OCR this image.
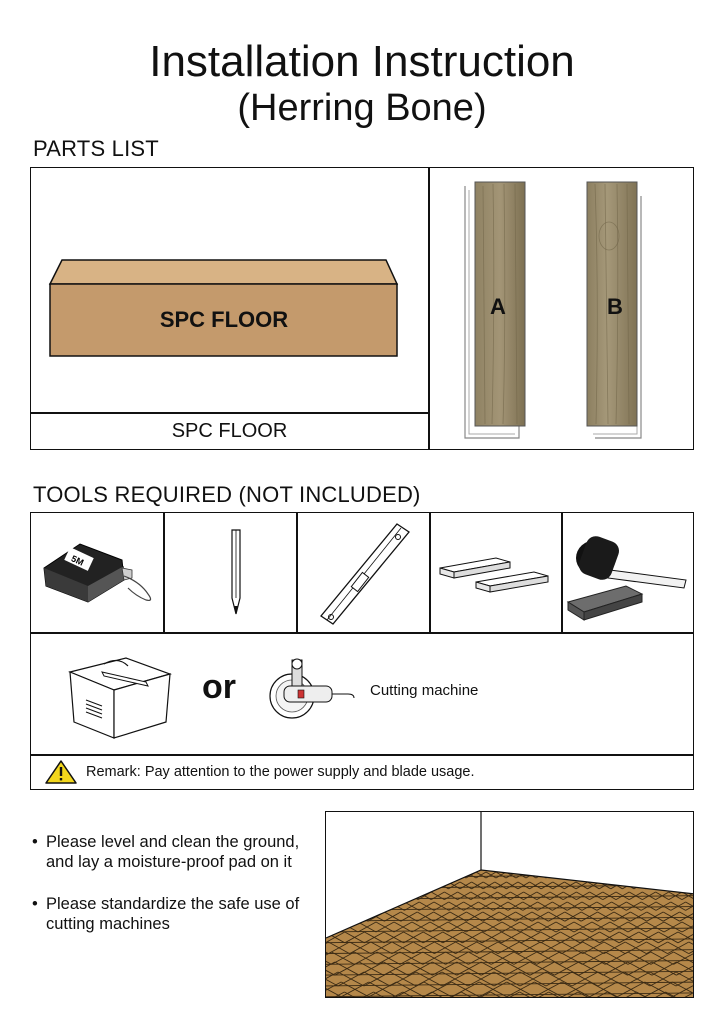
Installation Instruction
(Herring Bone)
PARTS LIST
SPC FLOOR
SPC FLOOR
A	B
TOOLS REQUIRED (NOT INCLUDED)
5M
or	Cutting machine
Remark: Pay attention to the power supply and blade usage.
• Please level and clean the ground, and lay a moisture-proof pad on it
• Please standardize the safe use of cutting machines
